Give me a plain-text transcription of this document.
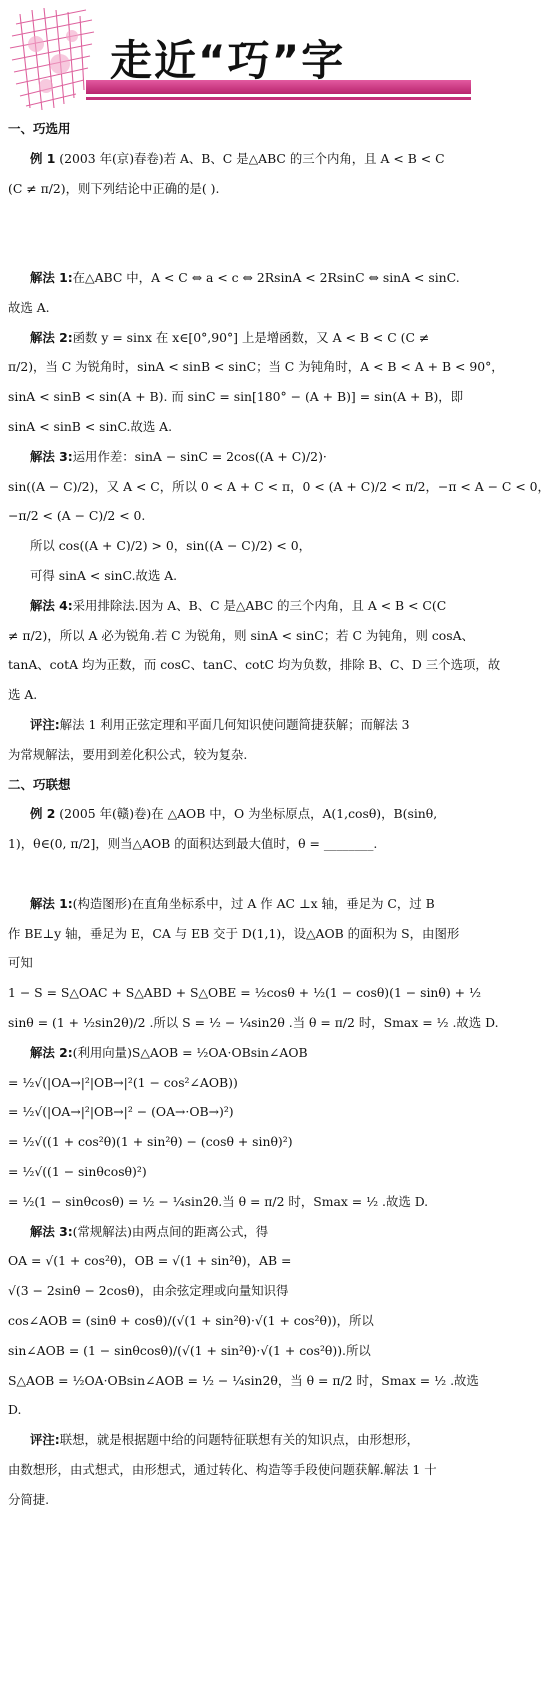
走近“巧”字
一、巧选用
例 1 (2003 年(京)春卷)若 A、B、C 是△ABC 的三个内角，且 A < B < C
(C ≠ π/2)，则下列结论中正确的是( ).
解法 1:在△ABC 中，A < C ⇔ a < c ⇔ 2RsinA < 2RsinC ⇔ sinA < sinC.
故选 A.
解法 2:函数 y = sinx 在 x∈[0°,90°] 上是增函数，又 A < B < C (C ≠
π/2)，当 C 为锐角时，sinA < sinB < sinC；当 C 为钝角时，A < B < A + B < 90°，
sinA < sinB < sin(A + B). 而 sinC = sin[180° − (A + B)] = sin(A + B)，即
sinA < sinB < sinC.故选 A.
解法 3:运用作差：sinA − sinC = 2cos((A + C)/2)·
sin((A − C)/2)，又 A < C，所以 0 < A + C < π，0 < (A + C)/2 < π/2，−π < A − C < 0，
−π/2 < (A − C)/2 < 0.
所以 cos((A + C)/2) > 0，sin((A − C)/2) < 0，
可得 sinA < sinC.故选 A.
解法 4:采用排除法.因为 A、B、C 是△ABC 的三个内角，且 A < B < C(C
≠ π/2)，所以 A 必为锐角.若 C 为锐角，则 sinA < sinC；若 C 为钝角，则 cosA、
tanA、cotA 均为正数，而 cosC、tanC、cotC 均为负数，排除 B、C、D 三个选项，故
选 A.
评注:解法 1 利用正弦定理和平面几何知识使问题简捷获解；而解法 3
为常规解法，要用到差化积公式，较为复杂.
二、巧联想
例 2 (2005 年(赣)卷)在 △AOB 中，O 为坐标原点，A(1,cosθ)，B(sinθ,
1)，θ∈(0, π/2]，则当△AOB 的面积达到最大值时，θ = ________.
解法 1:(构造图形)在直角坐标系中，过 A 作 AC ⊥x 轴，垂足为 C，过 B
作 BE⊥y 轴，垂足为 E，CA 与 EB 交于 D(1,1)，设△AOB 的面积为 S，由图形
可知
1 − S = S△OAC + S△ABD + S△OBE = ½cosθ + ½(1 − cosθ)(1 − sinθ) + ½
sinθ = (1 + ½sin2θ)/2 .所以 S = ½ − ¼sin2θ .当 θ = π/2 时，Smax = ½ .故选 D.
解法 2:(利用向量)S△AOB = ½OA·OBsin∠AOB
= ½√(|OA→|²|OB→|²(1 − cos²∠AOB))
= ½√(|OA→|²|OB→|² − (OA→·OB→)²)
= ½√((1 + cos²θ)(1 + sin²θ) − (cosθ + sinθ)²)
= ½√((1 − sinθcosθ)²)
= ½(1 − sinθcosθ) = ½ − ¼sin2θ.当 θ = π/2 时，Smax = ½ .故选 D.
解法 3:(常规解法)由两点间的距离公式，得
OA = √(1 + cos²θ)，OB = √(1 + sin²θ)，AB =
√(3 − 2sinθ − 2cosθ)，由余弦定理或向量知识得
cos∠AOB = (sinθ + cosθ)/(√(1 + sin²θ)·√(1 + cos²θ))，所以
sin∠AOB = (1 − sinθcosθ)/(√(1 + sin²θ)·√(1 + cos²θ)).所以
S△AOB = ½OA·OBsin∠AOB = ½ − ¼sin2θ，当 θ = π/2 时，Smax = ½ .故选
D.
评注:联想，就是根据题中给的问题特征联想有关的知识点，由形想形，
由数想形，由式想式，由形想式，通过转化、构造等手段使问题获解.解法 1 十
分简捷.
